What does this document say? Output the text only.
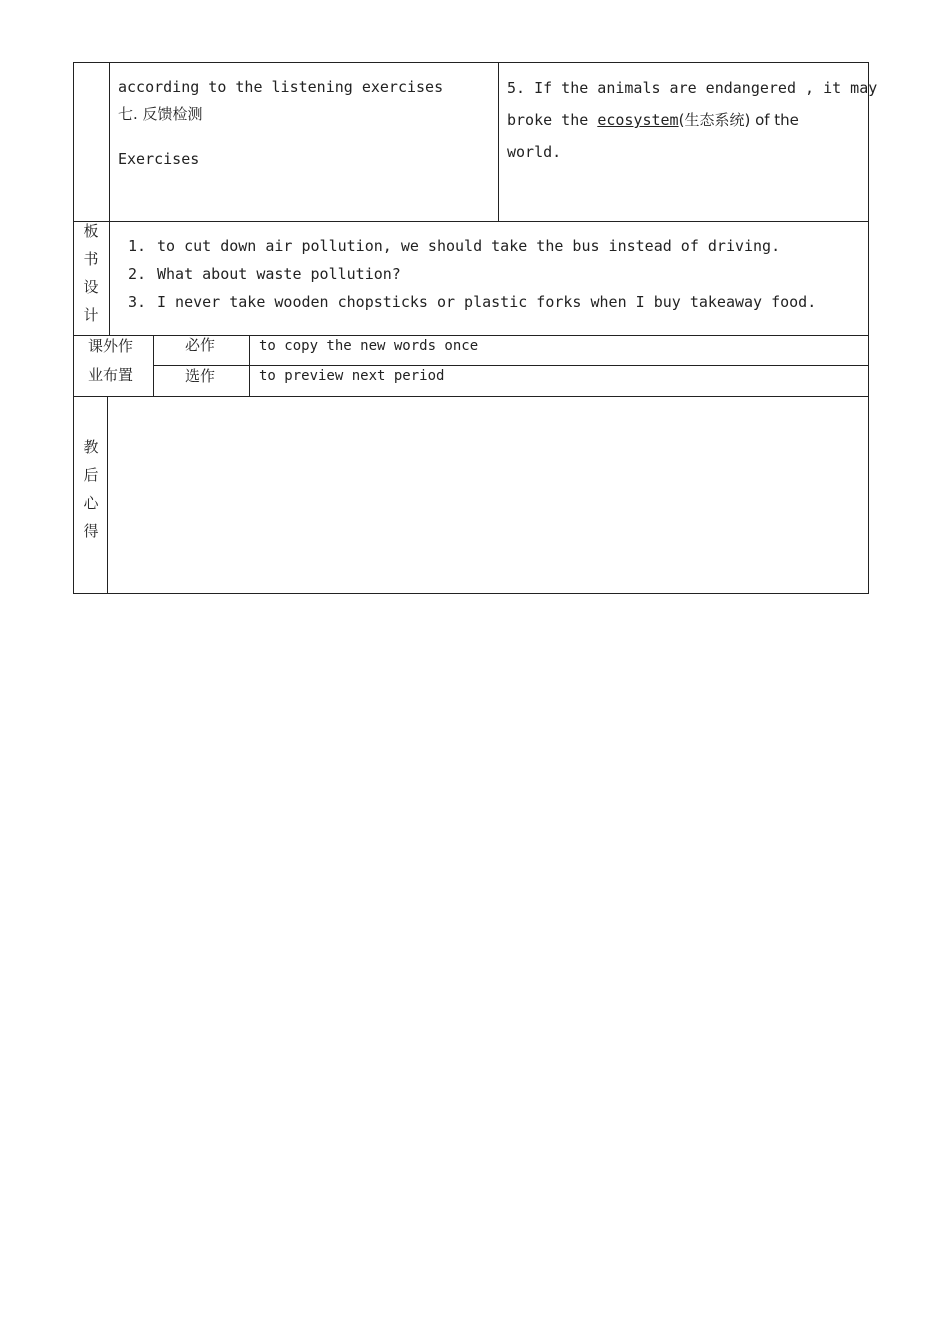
according to the listening exercises
七. 反馈检测
Exercises
5. If the animals are endangered , it may
broke the ecosystem(生态系统) of the
world.
板
书
设
计
1. to cut down air pollution, we should take the bus instead of driving.
2. What about waste pollution?
3. I never take wooden chopsticks or plastic forks when I buy takeaway food.
课外作
业布置
必作	to copy the new words once
选作	to preview next period
教
后
心
得
